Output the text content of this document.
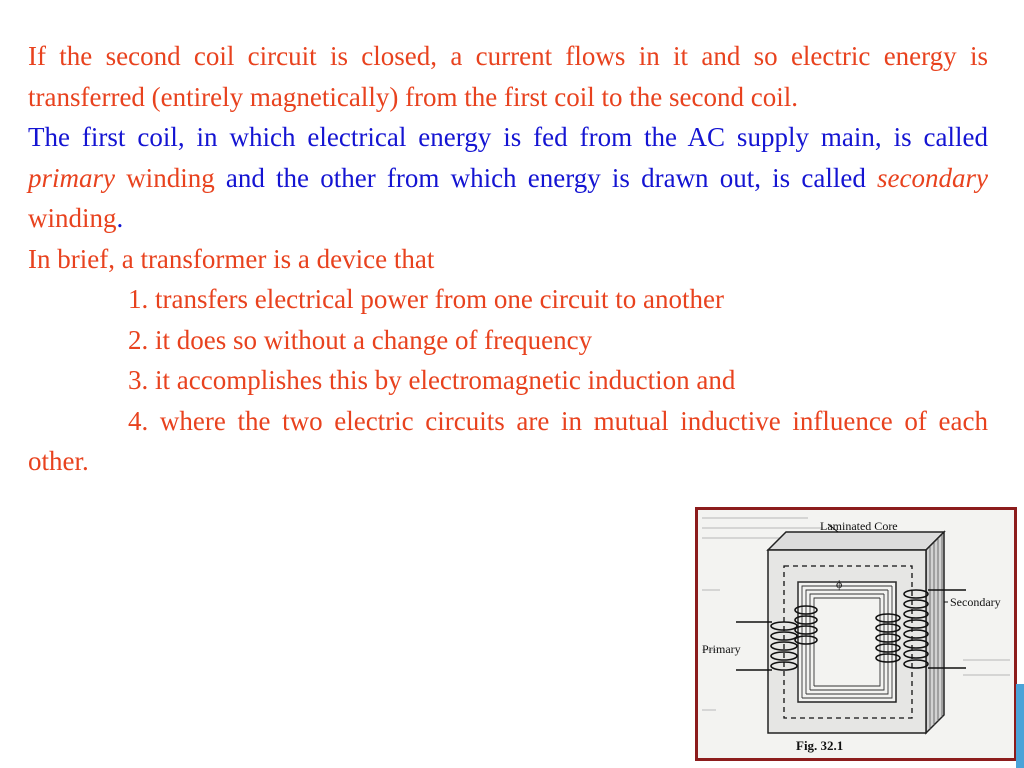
If the second coil circuit is closed, a current flows in it and so electric energy is transferred (entirely magnetically) from the first coil to the second coil.

The first coil, in which electrical energy is fed from the AC supply main, is called primary winding and the other from which energy is drawn out, is called secondary winding.

In brief, a transformer is a device that

1. transfers electrical power from one circuit to another

2. it does so without a change of frequency

3. it accomplishes this by electromagnetic induction and

4. where the two electric circuits are in mutual inductive influence of each other.

Laminated Core
Secondary
Primary
ϕ
Fig. 32.1
